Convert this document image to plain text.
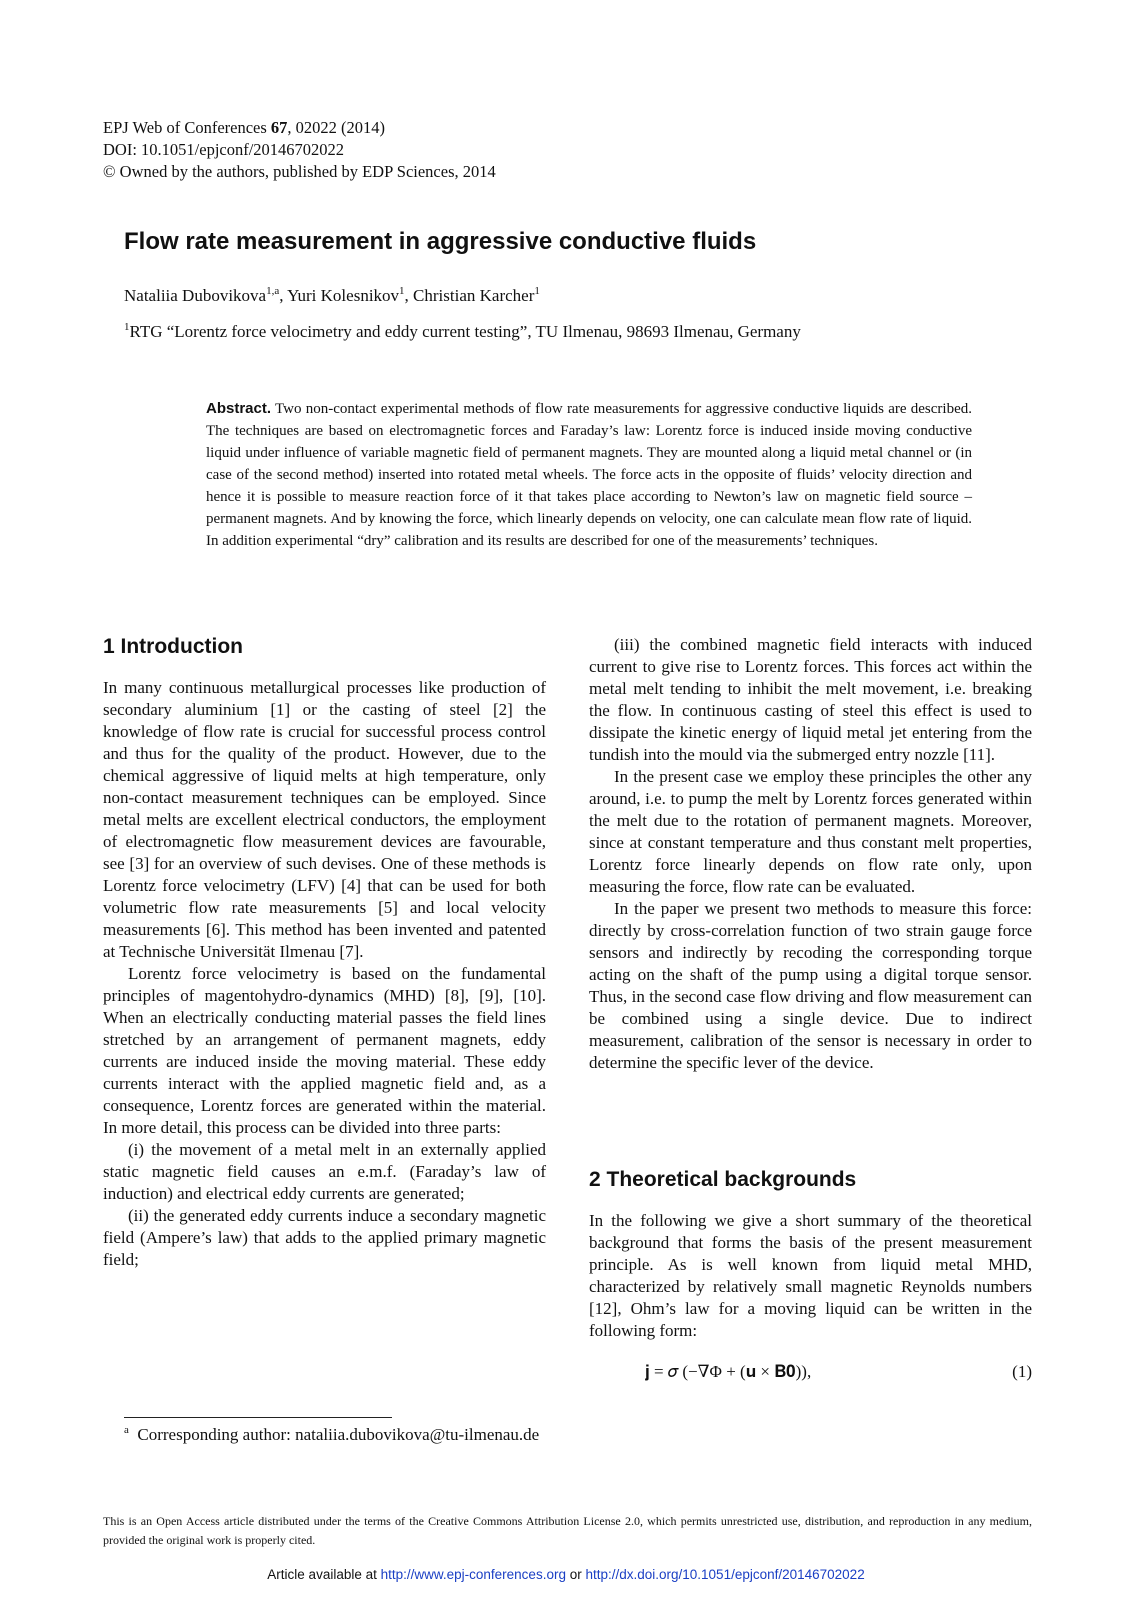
EPJ Web of Conferences 67, 02022 (2014)
DOI: 10.1051/epjconf/20146702022
© Owned by the authors, published by EDP Sciences, 2014
Flow rate measurement in aggressive conductive fluids
Nataliia Dubovikova$^{1,a}$, Yuri Kolesnikov$^1$, Christian Karcher$^1$
$^1$RTG “Lorentz force velocimetry and eddy current testing”, TU Ilmenau, 98693 Ilmenau, Germany
Abstract. Two non-contact experimental methods of flow rate measurements for aggressive conductive liquids are described. The techniques are based on electromagnetic forces and Faraday’s law: Lorentz force is induced inside moving conductive liquid under influence of variable magnetic field of permanent magnets. They are mounted along a liquid metal channel or (in case of the second method) inserted into rotated metal wheels. The force acts in the opposite of fluids’ velocity direction and hence it is possible to measure reaction force of it that takes place according to Newton’s law on magnetic field source – permanent magnets. And by knowing the force, which linearly depends on velocity, one can calculate mean flow rate of liquid. In addition experimental “dry” calibration and its results are described for one of the measurements’ techniques.
1 Introduction

In many continuous metallurgical processes like production of secondary aluminium [1] or the casting of steel [2] the knowledge of flow rate is crucial for successful process control and thus for the quality of the product. However, due to the chemical aggressive of liquid melts at high temperature, only non-contact measurement techniques can be employed. Since metal melts are excellent electrical conductors, the employment of electromagnetic flow measurement devices are favourable, see [3] for an overview of such devises. One of these methods is Lorentz force velocimetry (LFV) [4] that can be used for both volumetric flow rate measurements [5] and local velocity measurements [6]. This method has been invented and patented at Technische Universität Ilmenau [7].

Lorentz force velocimetry is based on the fundamental principles of magentohydro-dynamics (MHD) [8], [9], [10]. When an electrically conducting material passes the field lines stretched by an arrangement of permanent magnets, eddy currents are induced inside the moving material. These eddy currents interact with the applied magnetic field and, as a consequence, Lorentz forces are generated within the material. In more detail, this process can be divided into three parts:

(i) the movement of a metal melt in an externally applied static magnetic field causes an e.m.f. (Faraday’s law of induction) and electrical eddy currents are generated;

(ii) the generated eddy currents induce a secondary magnetic field (Ampere’s law) that adds to the applied primary magnetic field;

(iii) the combined magnetic field interacts with induced current to give rise to Lorentz forces. This forces act within the metal melt tending to inhibit the melt movement, i.e. breaking the flow. In continuous casting of steel this effect is used to dissipate the kinetic energy of liquid metal jet entering from the tundish into the mould via the submerged entry nozzle [11].

In the present case we employ these principles the other any around, i.e. to pump the melt by Lorentz forces generated within the melt due to the rotation of permanent magnets. Moreover, since at constant temperature and thus constant melt properties, Lorentz force linearly depends on flow rate only, upon measuring the force, flow rate can be evaluated.

In the paper we present two methods to measure this force: directly by cross-correlation function of two strain gauge force sensors and indirectly by recoding the corresponding torque acting on the shaft of the pump using a digital torque sensor. Thus, in the second case flow driving and flow measurement can be combined using a single device. Due to indirect measurement, calibration of the sensor is necessary in order to determine the specific lever of the device.

2 Theoretical backgrounds

In the following we give a short summary of the theoretical background that forms the basis of the present measurement principle. As is well known from liquid metal MHD, characterized by relatively small magnetic Reynolds numbers [12], Ohm’s law for a moving liquid can be written in the following form:

𝐣 = 𝜎 (−∇Φ + (𝐮 × 𝐁𝟎)),	(1)
$^a$ Corresponding author: nataliia.dubovikova@tu-ilmenau.de
This is an Open Access article distributed under the terms of the Creative Commons Attribution License 2.0, which permits unrestricted use, distribution, and reproduction in any medium, provided the original work is properly cited.
Article available at http://www.epj-conferences.org or http://dx.doi.org/10.1051/epjconf/20146702022
